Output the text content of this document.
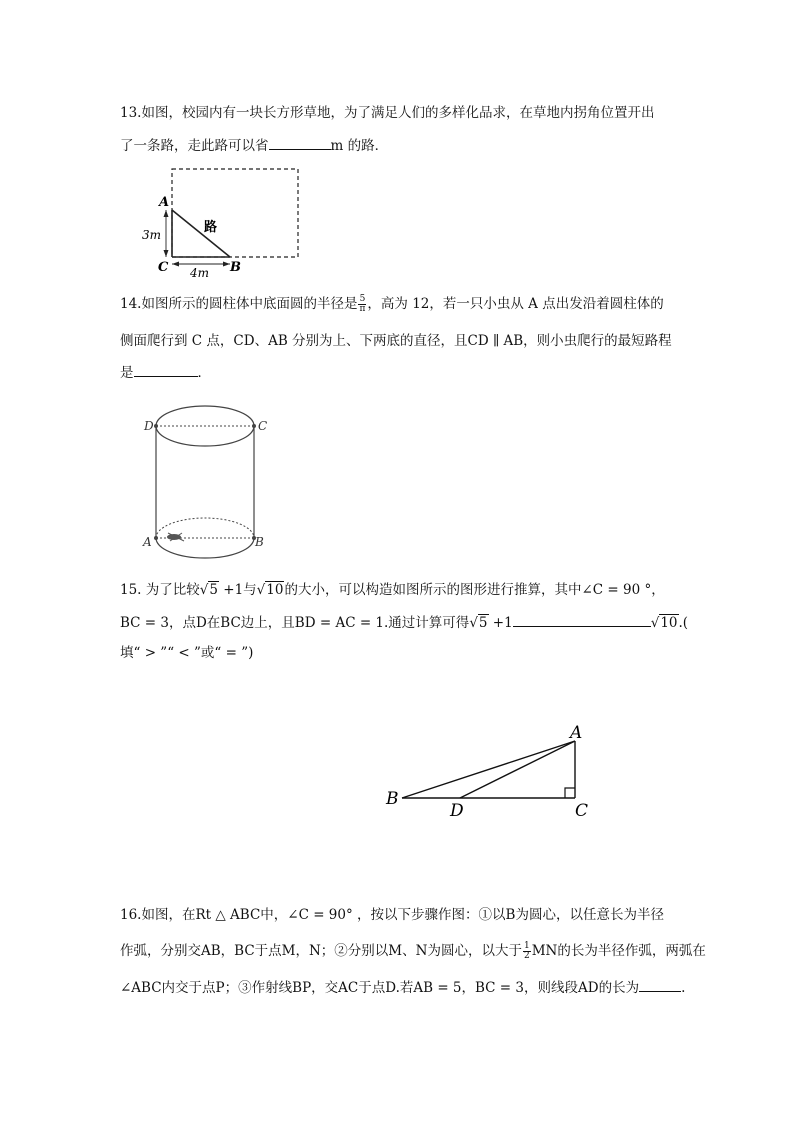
13.如图，校园内有一块长方形草地，为了满足人们的多样化品求，在草地内拐角位置开出
了一条路，走此路可以省	m 的路．
A
C	B
3m
4m
路
14.如图所示的圆柱体中底面圆的半径是 $\frac{5}{\pi}$ ，高为 12，若一只小虫从 A 点出发沿着圆柱体的
侧面爬行到 C 点，CD、AB 分别为上、下两底的直径，且CD ∥ AB，则小虫爬行的最短路程
是	．
D	C
A	B
15. 为了比较√5 +1与√10的大小，可以构造如图所示的图形进行推算，其中∠C = 90 °，
BC = 3，点D在BC边上，且BD = AC = 1.通过计算可得√5 +1	√10.(
填“ > ”“ < ”或“ = ”)
A
B
D	C
16.如图，在Rt △ ABC中，∠C = 90° ，按以下步骤作图：①以B为圆心，以任意长为半径
作弧，分别交AB，BC于点M，N；②分别以M、N为圆心，以大于 $\frac{1}{2}$ MN的长为半径作弧，两弧在
∠ABC内交于点P；③作射线BP，交AC于点D.若AB = 5，BC = 3，则线段AD的长为	.
